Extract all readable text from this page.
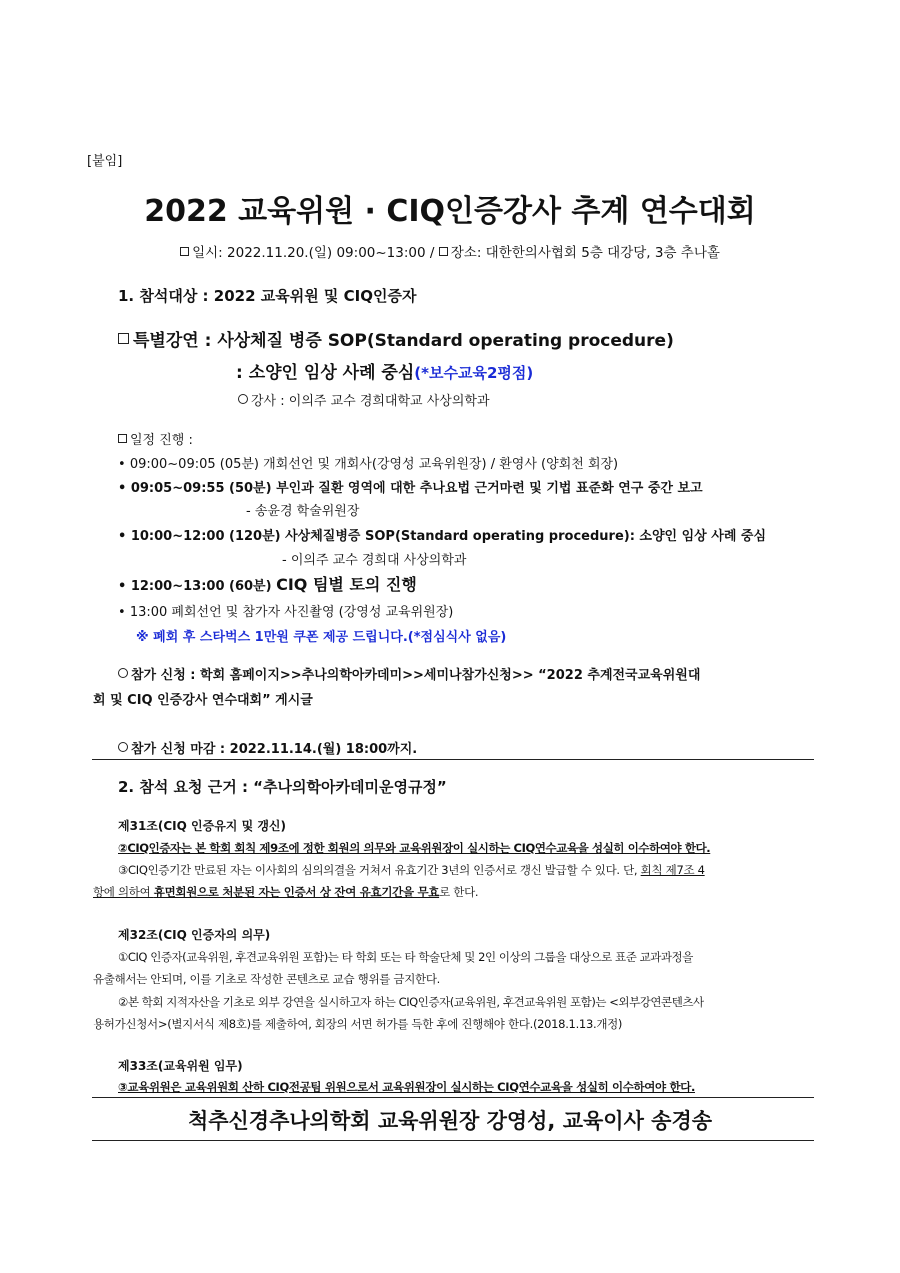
[붙임]
2022 교육위원 · CIQ인증강사 추계 연수대회
일시: 2022.11.20.(일) 09:00~13:00 / 장소: 대한한의사협회 5층 대강당, 3층 추나홀
1. 참석대상 : 2022 교육위원 및 CIQ인증자
특별강연 : 사상체질 병증 SOP(Standard operating procedure)
: 소양인 임상 사례 중심(*보수교육2평점)
강사 : 이의주 교수 경희대학교 사상의학과
일정 진행 :
• 09:00~09:05 (05분) 개회선언 및 개회사(강영성 교육위원장) / 환영사 (양회천 회장)
• 09:05~09:55 (50분) 부인과 질환 영역에 대한 추나요법 근거마련 및 기법 표준화 연구 중간 보고
- 송윤경 학술위원장
• 10:00~12:00 (120분) 사상체질병증 SOP(Standard operating procedure): 소양인 임상 사례 중심
- 이의주 교수 경희대 사상의학과
• 12:00~13:00 (60분) CIQ 팀별 토의 진행
• 13:00 폐회선언 및 참가자 사진촬영 (강영성 교육위원장)
※ 폐회 후 스타벅스 1만원 쿠폰 제공 드립니다.(*점심식사 없음)
참가 신청 : 학회 홈페이지>>추나의학아카데미>>세미나참가신청>> “2022 추계전국교육위원대
회 및 CIQ 인증강사 연수대회” 게시글
참가 신청 마감 : 2022.11.14.(월) 18:00까지.
2. 참석 요청 근거 : “추나의학아카데미운영규정”
제31조(CIQ 인증유지 및 갱신)
②CIQ인증자는 본 학회 회칙 제9조에 정한 회원의 의무와 교육위원장이 실시하는 CIQ연수교육을 성실히 이수하여야 한다.
③CIQ인증기간 만료된 자는 이사회의 심의의결을 거쳐서 유효기간 3년의 인증서로 갱신 발급할 수 있다. 단, 회칙 제7조 4
항에 의하여 휴면회원으로 처분된 자는 인증서 상 잔여 유효기간을 무효로 한다.
제32조(CIQ 인증자의 의무)
①CIQ 인증자(교육위원, 후견교육위원 포함)는 타 학회 또는 타 학술단체 및 2인 이상의 그룹을 대상으로 표준 교과과정을
유출해서는 안되며, 이를 기초로 작성한 콘텐츠로 교습 행위를 금지한다.
②본 학회 지적자산을 기초로 외부 강연을 실시하고자 하는 CIQ인증자(교육위원, 후견교육위원 포함)는 <외부강연콘텐츠사
용허가신청서>(별지서식 제8호)를 제출하여, 회장의 서면 허가를 득한 후에 진행해야 한다.(2018.1.13.개정)
제33조(교육위원 임무)
③교육위원은 교육위원회 산하 CIQ전공팀 위원으로서 교육위원장이 실시하는 CIQ연수교육을 성실히 이수하여야 한다.
척추신경추나의학회 교육위원장 강영성, 교육이사 송경송
